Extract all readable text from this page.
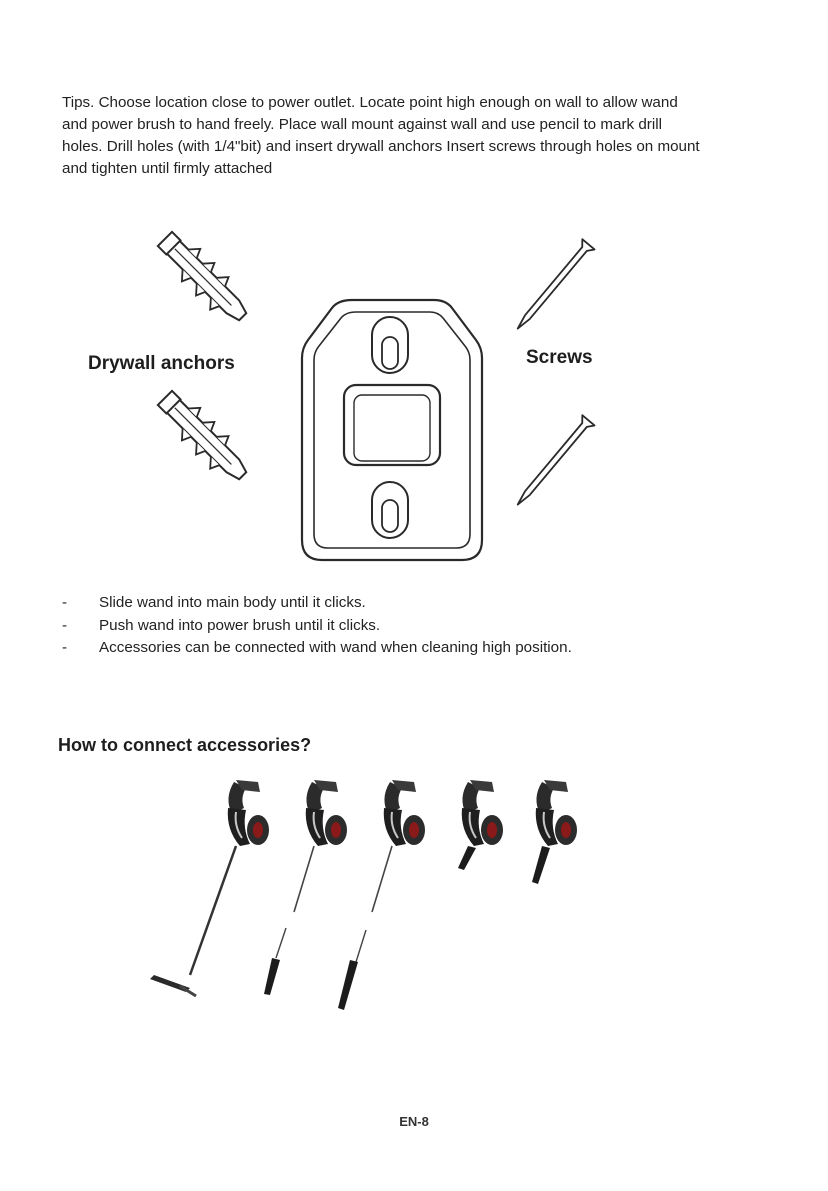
Tips. Choose location close to power outlet. Locate point high enough on wall to allow wand and power brush to hand freely. Place wall mount against wall and use pencil to mark drill holes. Drill holes (with 1/4"bit) and insert drywall anchors Insert screws through holes on mount and tighten until firmly attached

Drywall anchors	Screws
- Slide wand into main body until it clicks.
- Push wand into power brush until it clicks.
- Accessories can be connected with wand when cleaning high position.
How to connect accessories?
EN-8
